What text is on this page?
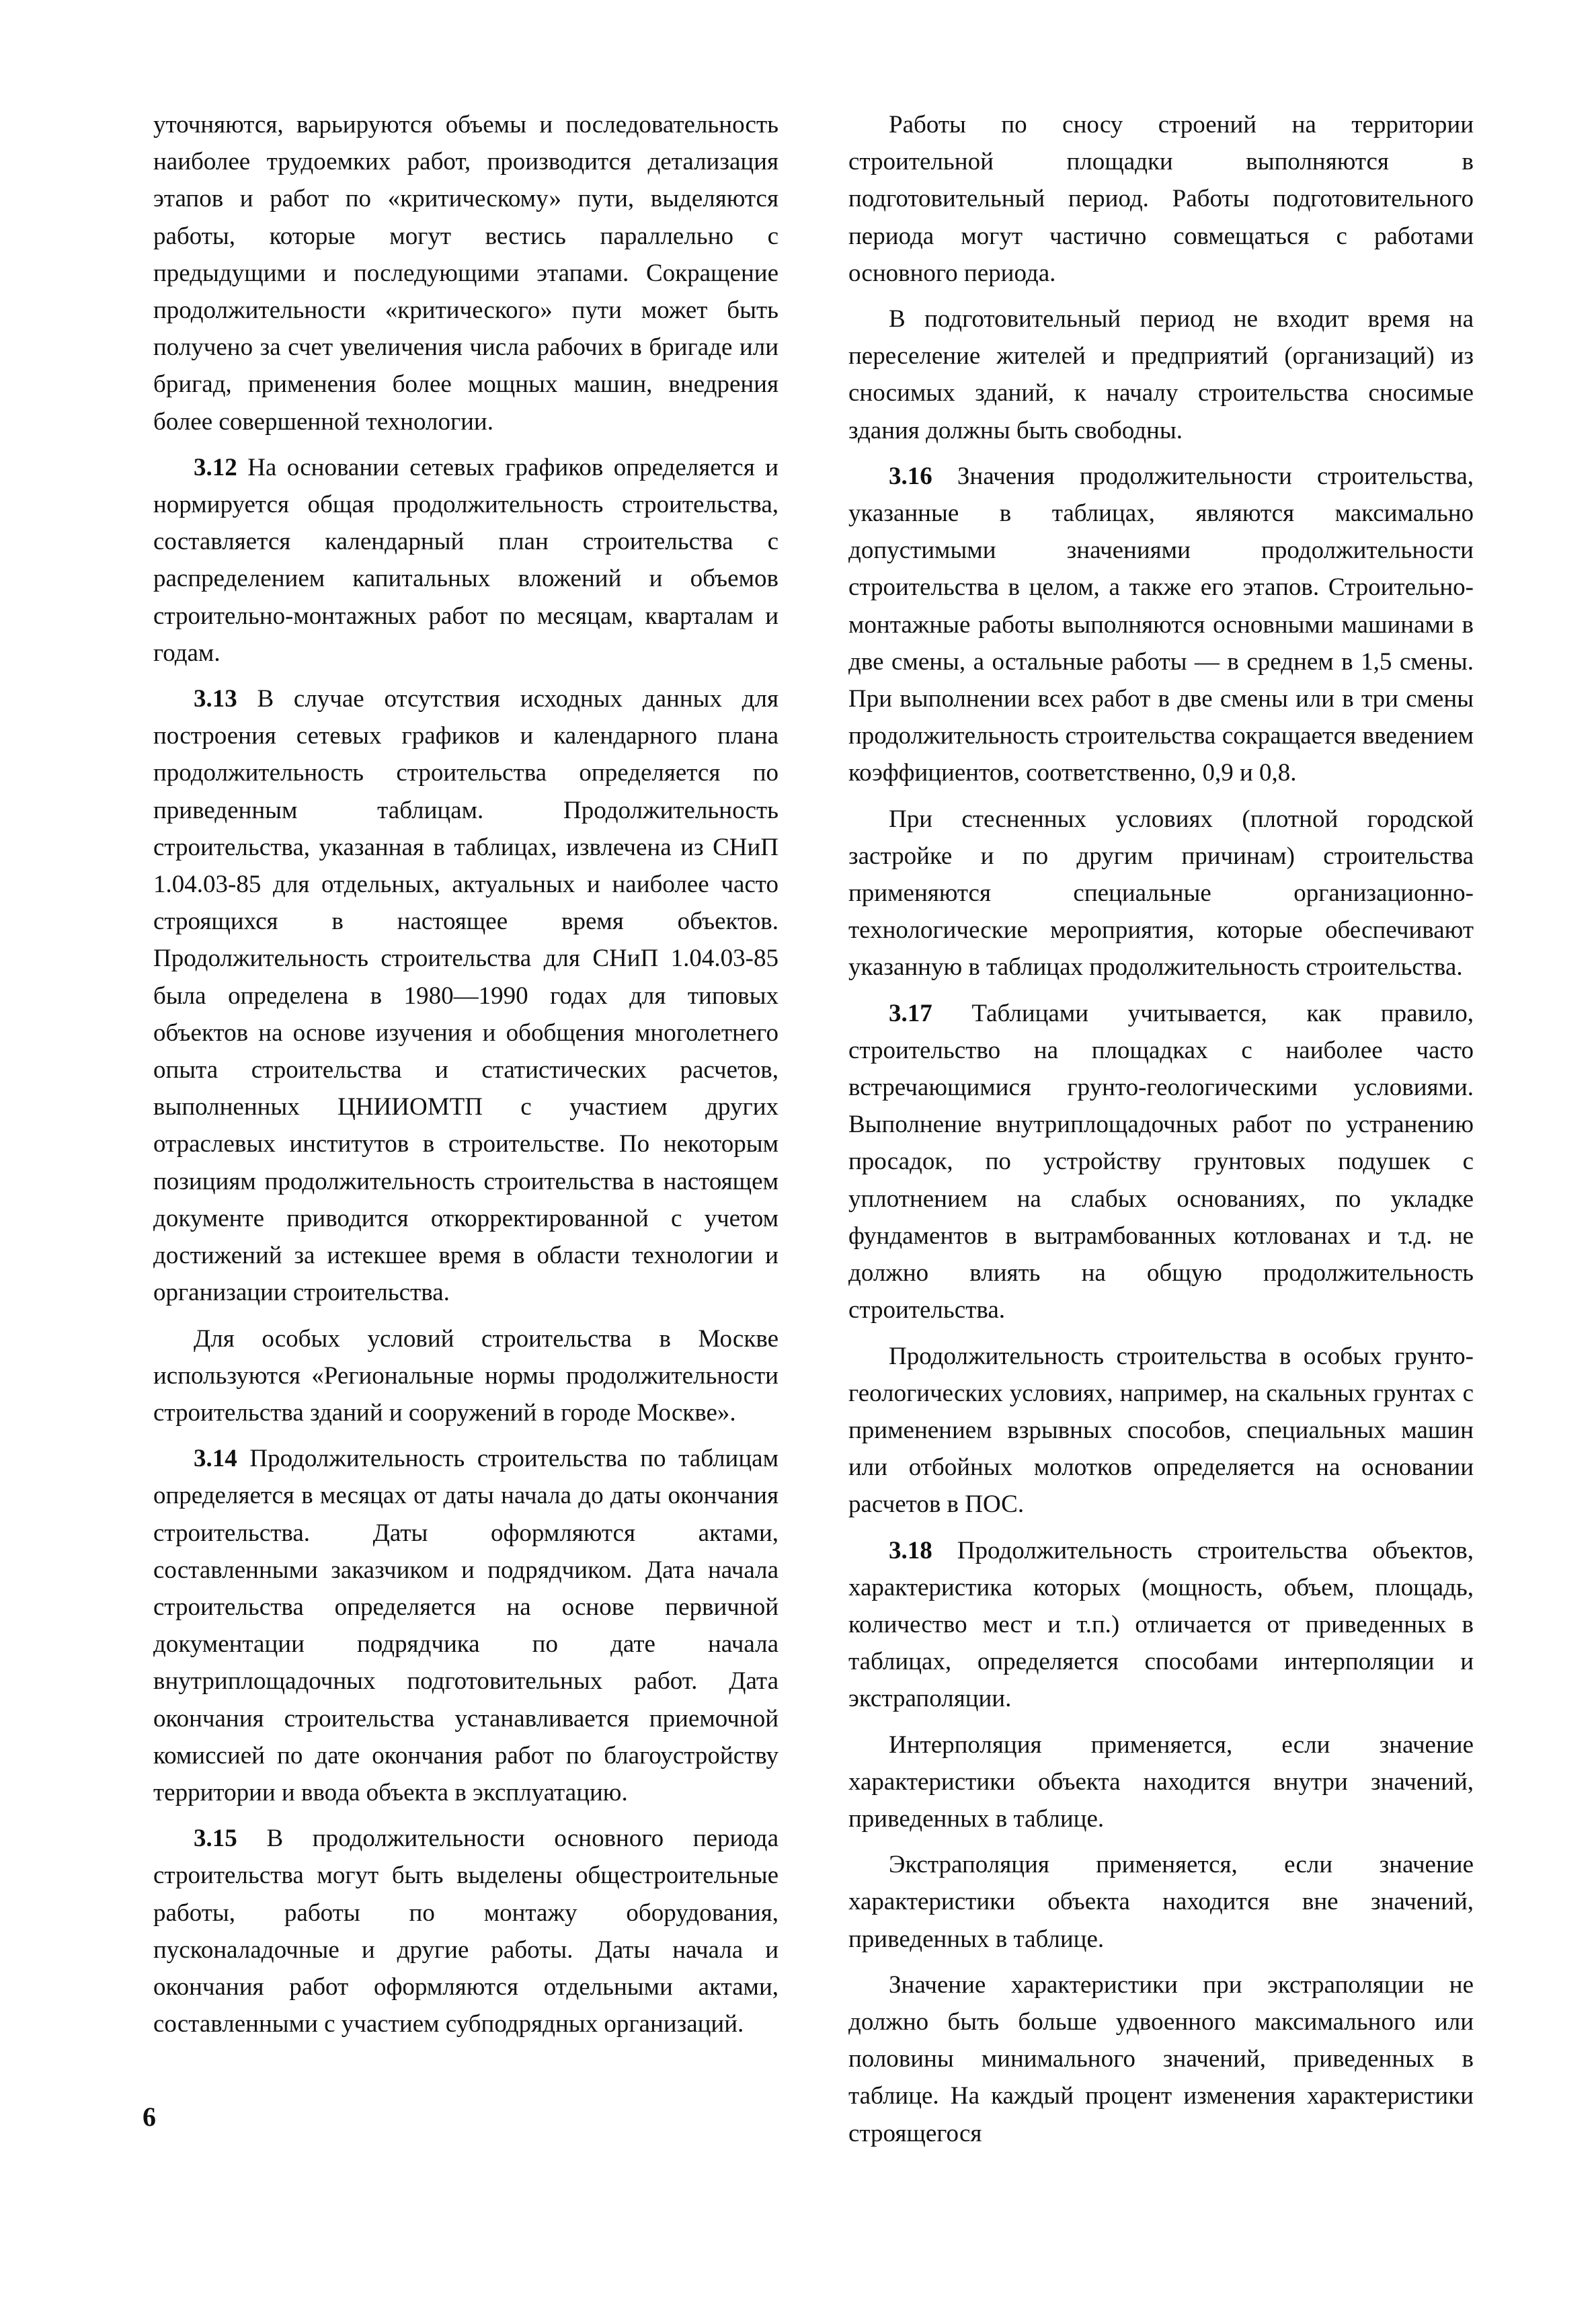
уточняются, варьируются объемы и последовательность наиболее трудоемких работ, производится детализация этапов и работ по «критическому» пути, выделяются работы, которые могут вестись параллельно с предыдущими и последующими этапами. Сокращение продолжительности «критического» пути может быть получено за счет увеличения числа рабочих в бригаде или бригад, применения более мощных машин, внедрения более совершенной технологии.

3.12 На основании сетевых графиков определяется и нормируется общая продолжительность строительства, составляется календарный план строительства с распределением капитальных вложений и объемов строительно-монтажных работ по месяцам, кварталам и годам.

3.13 В случае отсутствия исходных данных для построения сетевых графиков и календарного плана продолжительность строительства определяется по приведенным таблицам. Продолжительность строительства, указанная в таблицах, извлечена из СНиП 1.04.03-85 для отдельных, актуальных и наиболее часто строящихся в настоящее время объектов. Продолжительность строительства для СНиП 1.04.03-85 была определена в 1980—1990 годах для типовых объектов на основе изучения и обобщения многолетнего опыта строительства и статистических расчетов, выполненных ЦНИИОМТП с участием других отраслевых институтов в строительстве. По некоторым позициям продолжительность строительства в настоящем документе приводится откорректированной с учетом достижений за истекшее время в области технологии и организации строительства.

Для особых условий строительства в Москве используются «Региональные нормы продолжительности строительства зданий и сооружений в городе Москве».

3.14 Продолжительность строительства по таблицам определяется в месяцах от даты начала до даты окончания строительства. Даты оформляются актами, составленными заказчиком и подрядчиком. Дата начала строительства определяется на основе первичной документации подрядчика по дате начала внутриплощадочных подготовительных работ. Дата окончания строительства устанавливается приемочной комиссией по дате окончания работ по благоустройству территории и ввода объекта в эксплуатацию.

3.15 В продолжительности основного периода строительства могут быть выделены общестроительные работы, работы по монтажу оборудования, пусконаладочные и другие работы. Даты начала и окончания работ оформляются отдельными актами, составленными с участием субподрядных организаций.

Работы по сносу строений на территории строительной площадки выполняются в подготовительный период. Работы подготовительного периода могут частично совмещаться с работами основного периода.

В подготовительный период не входит время на переселение жителей и предприятий (организаций) из сносимых зданий, к началу строительства сносимые здания должны быть свободны.

3.16 Значения продолжительности строительства, указанные в таблицах, являются максимально допустимыми значениями продолжительности строительства в целом, а также его этапов. Строительно-монтажные работы выполняются основными машинами в две смены, а остальные работы — в среднем в 1,5 смены. При выполнении всех работ в две смены или в три смены продолжительность строительства сокращается введением коэффициентов, соответственно, 0,9 и 0,8.

При стесненных условиях (плотной городской застройке и по другим причинам) строительства применяются специальные организационно-технологические мероприятия, которые обеспечивают указанную в таблицах продолжительность строительства.

3.17 Таблицами учитывается, как правило, строительство на площадках с наиболее часто встречающимися грунто-геологическими условиями. Выполнение внутриплощадочных работ по устранению просадок, по устройству грунтовых подушек с уплотнением на слабых основаниях, по укладке фундаментов в вытрамбованных котлованах и т.д. не должно влиять на общую продолжительность строительства.

Продолжительность строительства в особых грунто-геологических условиях, например, на скальных грунтах с применением взрывных способов, специальных машин или отбойных молотков определяется на основании расчетов в ПОС.

3.18 Продолжительность строительства объектов, характеристика которых (мощность, объем, площадь, количество мест и т.п.) отличается от приведенных в таблицах, определяется способами интерполяции и экстраполяции.

Интерполяция применяется, если значение характеристики объекта находится внутри значений, приведенных в таблице.

Экстраполяция применяется, если значение характеристики объекта находится вне значений, приведенных в таблице.

Значение характеристики при экстраполяции не должно быть больше удвоенного максимального или половины минимального значений, приведенных в таблице. На каждый процент изменения характеристики строящегося

6
